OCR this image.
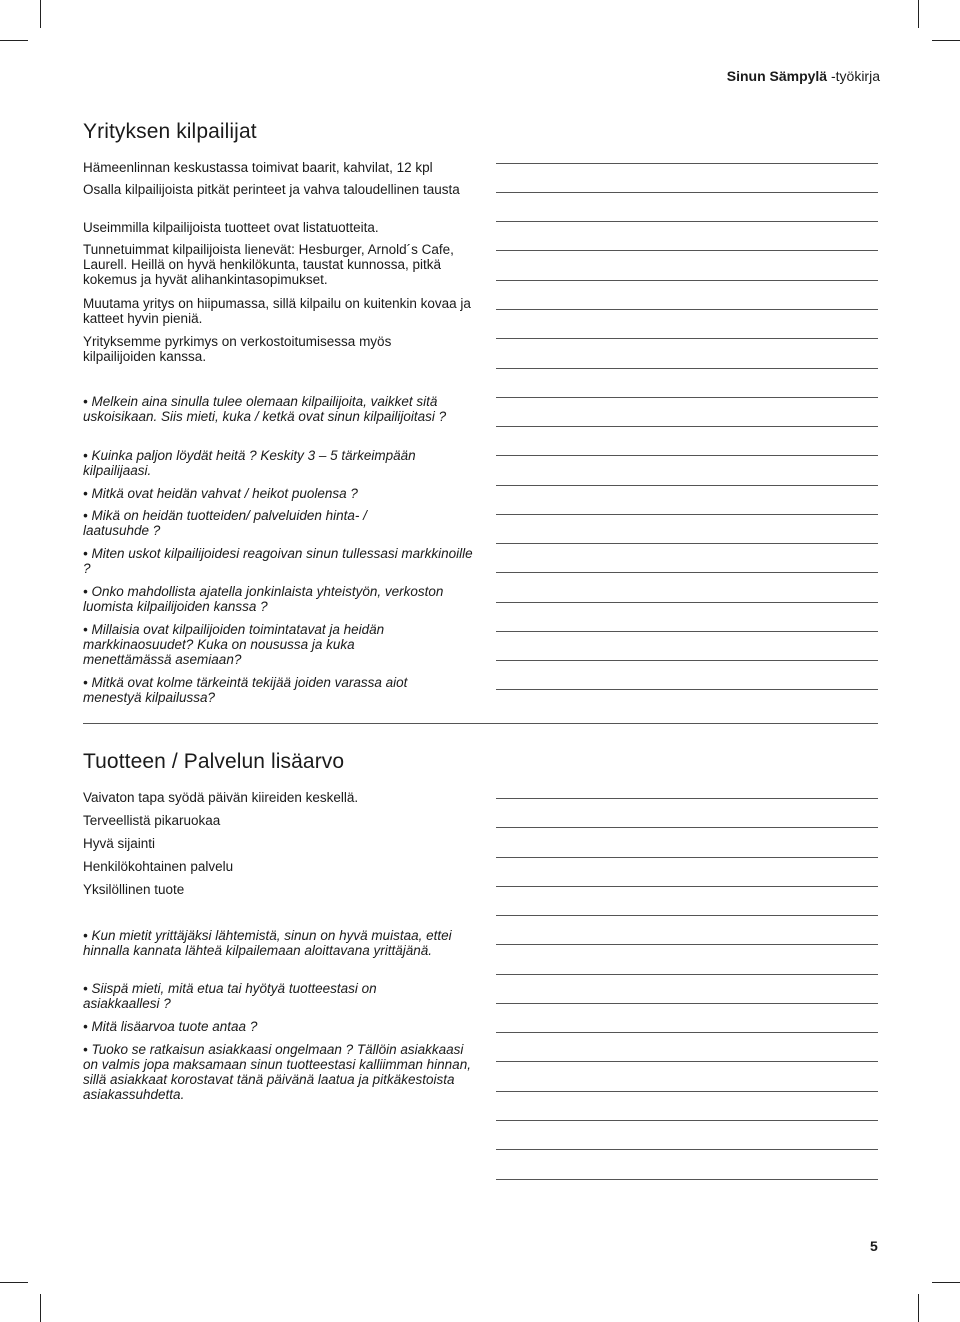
Sinun Sämpylä -työkirja
Yrityksen kilpailijat

Hämeenlinnan keskustassa toimivat baarit, kahvilat, 12 kpl

Osalla kilpailijoista pitkät perinteet ja vahva taloudellinen tausta

Useimmilla kilpailijoista tuotteet ovat listatuotteita.

Tunnetuimmat kilpailijoista lienevät: Hesburger, Arnold´s Cafe, Laurell. Heillä on hyvä henkilökunta, taustat kunnossa, pitkä kokemus ja hyvät alihankintasopimukset.

Muutama yritys on hiipumassa, sillä kilpailu on kuitenkin kovaa ja katteet hyvin pieniä.

Yrityksemme pyrkimys on verkostoitumisessa myös kilpailijoiden kanssa.

• Melkein aina sinulla tulee olemaan kilpailijoita, vaikket sitä uskoisikaan. Siis mieti, kuka / ketkä ovat sinun kilpailijoitasi ?

• Kuinka paljon löydät heitä ? Keskity 3 – 5 tärkeimpään kilpailijaasi.

• Mitkä ovat heidän vahvat / heikot puolensa ?

• Mikä on heidän tuotteiden/ palveluiden hinta- / laatusuhde ?

• Miten uskot kilpailijoidesi reagoivan sinun tullessasi markkinoille ?

• Onko mahdollista ajatella jonkinlaista yhteistyön, verkoston luomista kilpailijoiden kanssa ?

• Millaisia ovat kilpailijoiden toimintatavat ja heidän markkinaosuudet? Kuka on nousussa ja kuka menettämässä asemiaan?

• Mitkä ovat kolme tärkeintä tekijää joiden varassa aiot menestyä kilpailussa?

Tuotteen / Palvelun lisäarvo

Vaivaton tapa syödä päivän kiireiden keskellä.

Terveellistä pikaruokaa

Hyvä sijainti

Henkilökohtainen palvelu

Yksilöllinen tuote

• Kun mietit yrittäjäksi lähtemistä, sinun on hyvä muistaa, ettei hinnalla kannata lähteä kilpailemaan aloittavana yrittäjänä.

• Siispä mieti, mitä etua tai hyötyä tuotteestasi on asiakkaallesi ?

• Mitä lisäarvoa tuote antaa ?

• Tuoko se ratkaisun asiakkaasi ongelmaan ? Tällöin asiakkaasi on valmis jopa maksamaan sinun tuotteestasi kalliimman hinnan, sillä asiakkaat korostavat tänä päivänä laatua ja pitkäkestoista asiakassuhdetta.

5
